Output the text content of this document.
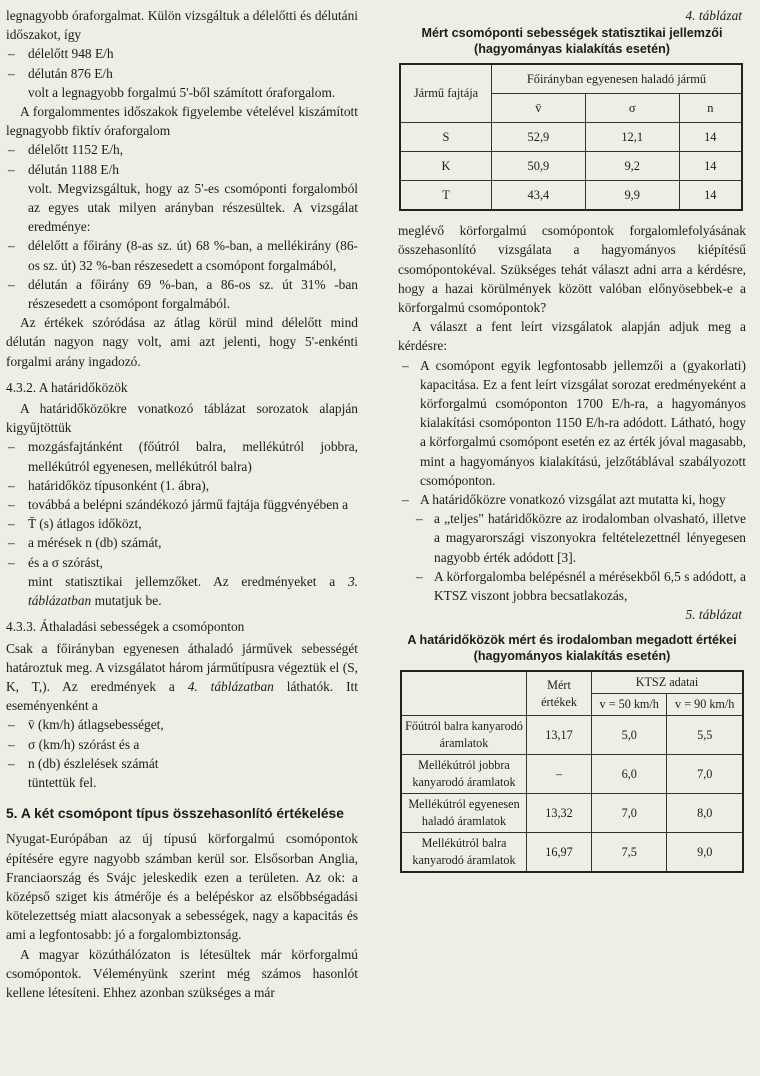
legnagyobb óraforgalmat. Külön vizsgáltuk a délelőtti és délutáni időszakot, így

– délelőtt 948 E/h
– délután 876 E/h

volt a legnagyobb forgalmú 5'-ből számított óraforgalom.

A forgalommentes időszakok figyelembe vételével kiszámított legnagyobb fiktív óraforgalom

– délelőtt 1152 E/h,
– délután 1188 E/h

volt. Megvizsgáltuk, hogy az 5'-es csomóponti forgalomból az egyes utak milyen arányban részesültek. A vizsgálat eredménye:

– délelőtt a főirány (8-as sz. út) 68 %-ban, a mellékirány (86-os sz. út) 32 %-ban részesedett a csomópont forgalmából,
– délután a főirány 69 %-ban, a 86-os sz. út 31% -ban részesedett a csomópont forgalmából.

Az értékek szóródása az átlag körül mind délelőtt mind délután nagyon nagy volt, ami azt jelenti, hogy 5'-enkénti forgalmi arány ingadozó.

4.3.2. A határidőközök

A határidőközökre vonatkozó táblázat sorozatok alapján kigyűjtöttük

– mozgásfajtánként (főútról balra, mellékútról jobbra, mellékútról egyenesen, mellékútról balra)
– határidőköz típusonként (1. ábra),
– továbbá a belépni szándékozó jármű fajtája függvényében a
– T̄ (s) átlagos időközt,
– a mérések n (db) számát,
– és a σ szórást,

mint statisztikai jellemzőket. Az eredményeket a 3. táblázatban mutatjuk be.

4.3.3. Áthaladási sebességek a csomóponton

Csak a főirányban egyenesen áthaladó járművek sebességét határoztuk meg. A vizsgálatot három járműtípusra végeztük el (S, K, T,). Az eredmények a 4. táblázatban láthatók. Itt eseményenként a

– v̄ (km/h) átlagsebességet,
– σ (km/h) szórást és a
– n (db) észlelések számát

tüntettük fel.

5. A két csomópont típus összehasonlító értékelése

Nyugat-Európában az új típusú körforgalmú csomópontok építésére egyre nagyobb számban kerül sor. Elsősorban Anglia, Franciaország és Svájc jeleskedik ezen a területen. Az ok: a középső sziget kis átmérője és a belépéskor az elsőbbségadási kötelezettség miatt alacsonyak a sebességek, nagy a kapacitás és ami a legfontosabb: jó a forgalombiztonság.

A magyar közúthálózaton is létesültek már körforgalmú csomópontok. Véleményünk szerint még számos hasonlót kellene létesíteni. Ehhez azonban szükséges a már

4. táblázat

Mért csomóponti sebességek statisztikai jellemzői (hagyományas kialakítás esetén)

Jármű fajtája	Főirányban egyenesen haladó jármű		
	v̄	σ	n
S	52,9	12,1	14
K	50,9	9,2	14
T	43,4	9,9	14

meglévő körforgalmú csomópontok forgalomlefolyásának összehasonlító vizsgálata a hagyományos kiépítésű csomópontokéval. Szükséges tehát választ adni arra a kérdésre, hogy a hazai körülmények között valóban előnyösebbek-e a körforgalmú csomópontok?

A választ a fent leírt vizsgálatok alapján adjuk meg a kérdésre:

– A csomópont egyik legfontosabb jellemzői a (gyakorlati) kapacitása. Ez a fent leírt vizsgálat sorozat eredményeként a körforgalmú csomóponton 1700 E/h-ra, a hagyományos kialakítási csomóponton 1150 E/h-ra adódott. Látható, hogy a körforgalmú csomópont esetén ez az érték jóval magasabb, mint a hagyományos kialakítású, jelzőtáblával szabályozott csomóponton.
– A határidőközre vonatkozó vizsgálat azt mutatta ki, hogy
– a „teljes" határidőközre az irodalomban olvasható, illetve a magyarországi viszonyokra feltételezettnél lényegesen nagyobb érték adódott [3].
– A körforgalomba belépésnél a mérésekből 6,5 s adódott, a KTSZ viszont jobbra becsatlakozás,

5. táblázat

A határidőközök mért és irodalomban megadott értékei (hagyományos kialakítás esetén)

	Mért értékek	KTSZ adatai	
		v = 50 km/h	v = 90 km/h
Főútról balra kanyarodó áramlatok	13,17	5,0	5,5
Mellékútról jobbra kanyarodó áramlatok	–	6,0	7,0
Mellékútról egyenesen haladó áramlatok	13,32	7,0	8,0
Mellékútról balra kanyarodó áramlatok	16,97	7,5	9,0
